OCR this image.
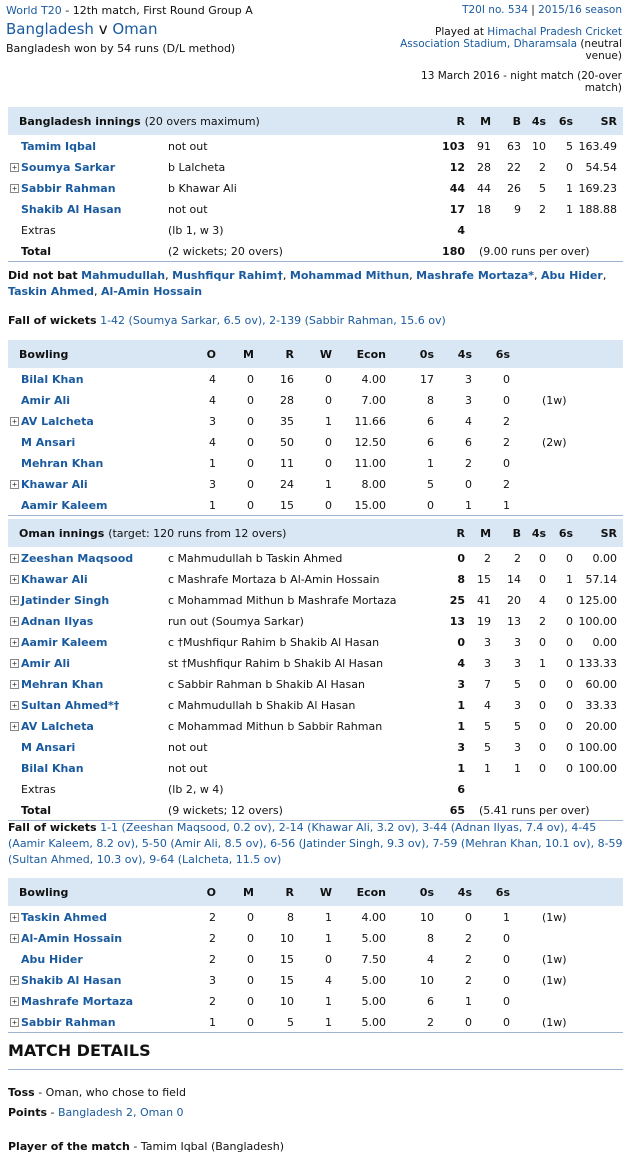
World T20 - 12th match, First Round Group A
Bangladesh v Oman
Bangladesh won by 54 runs (D/L method)
T20I no. 534 | 2015/16 season
Played at Himachal Pradesh Cricket Association Stadium, Dharamsala (neutral venue)
13 March 2016 - night match (20-over match)
Bangladesh innings (20 overs maximum)		R	M	B	4s	6s	SR
Tamim Iqbal	not out	103	91	63	10	5	163.49
+ Soumya Sarkar	b Lalcheta	12	28	22	2	0	54.54
+ Sabbir Rahman	b Khawar Ali	44	44	26	5	1	169.23
Shakib Al Hasan	not out	17	18	9	2	1	188.88
Extras	(lb 1, w 3)	4					
Total	(2 wickets; 20 overs)	180	(9.00 runs per over)				
Did not bat Mahmudullah, Mushfiqur Rahim†, Mohammad Mithun, Mashrafe Mortaza*, Abu Hider, Taskin Ahmed, Al-Amin Hossain
Fall of wickets 1-42 (Soumya Sarkar, 6.5 ov), 2-139 (Sabbir Rahman, 15.6 ov)
Bowling	O	M	R	W	Econ	0s	4s	6s	
Bilal Khan	4	0	16	0	4.00	17	3	0	
Amir Ali	4	0	28	0	7.00	8	3	0	(1w)
+ AV Lalcheta	3	0	35	1	11.66	6	4	2	
M Ansari	4	0	50	0	12.50	6	6	2	(2w)
Mehran Khan	1	0	11	0	11.00	1	2	0	
+ Khawar Ali	3	0	24	1	8.00	5	0	2	
Aamir Kaleem	1	0	15	0	15.00	0	1	1	
Oman innings (target: 120 runs from 12 overs)		R	M	B	4s	6s	SR
+ Zeeshan Maqsood	c Mahmudullah b Taskin Ahmed	0	2	2	0	0	0.00
+ Khawar Ali	c Mashrafe Mortaza b Al-Amin Hossain	8	15	14	0	1	57.14
+ Jatinder Singh	c Mohammad Mithun b Mashrafe Mortaza	25	41	20	4	0	125.00
+ Adnan Ilyas	run out (Soumya Sarkar)	13	19	13	2	0	100.00
+ Aamir Kaleem	c †Mushfiqur Rahim b Shakib Al Hasan	0	3	3	0	0	0.00
+ Amir Ali	st †Mushfiqur Rahim b Shakib Al Hasan	4	3	3	1	0	133.33
+ Mehran Khan	c Sabbir Rahman b Shakib Al Hasan	3	7	5	0	0	60.00
+ Sultan Ahmed*†	c Mahmudullah b Shakib Al Hasan	1	4	3	0	0	33.33
+ AV Lalcheta	c Mohammad Mithun b Sabbir Rahman	1	5	5	0	0	20.00
M Ansari	not out	3	5	3	0	0	100.00
Bilal Khan	not out	1	1	1	0	0	100.00
Extras	(lb 2, w 4)	6					
Total	(9 wickets; 12 overs)	65	(5.41 runs per over)				
Fall of wickets 1-1 (Zeeshan Maqsood, 0.2 ov), 2-14 (Khawar Ali, 3.2 ov), 3-44 (Adnan Ilyas, 7.4 ov), 4-45 (Aamir Kaleem, 8.2 ov), 5-50 (Amir Ali, 8.5 ov), 6-56 (Jatinder Singh, 9.3 ov), 7-59 (Mehran Khan, 10.1 ov), 8-59 (Sultan Ahmed, 10.3 ov), 9-64 (Lalcheta, 11.5 ov)
Bowling	O	M	R	W	Econ	0s	4s	6s	
+ Taskin Ahmed	2	0	8	1	4.00	10	0	1	(1w)
+ Al-Amin Hossain	2	0	10	1	5.00	8	2	0	
Abu Hider	2	0	15	0	7.50	4	2	0	(1w)
+ Shakib Al Hasan	3	0	15	4	5.00	10	2	0	(1w)
+ Mashrafe Mortaza	2	0	10	1	5.00	6	1	0	
+ Sabbir Rahman	1	0	5	1	5.00	2	0	0	(1w)
MATCH DETAILS
Toss - Oman, who chose to field
Points - Bangladesh 2, Oman 0
Player of the match - Tamim Iqbal (Bangladesh)
